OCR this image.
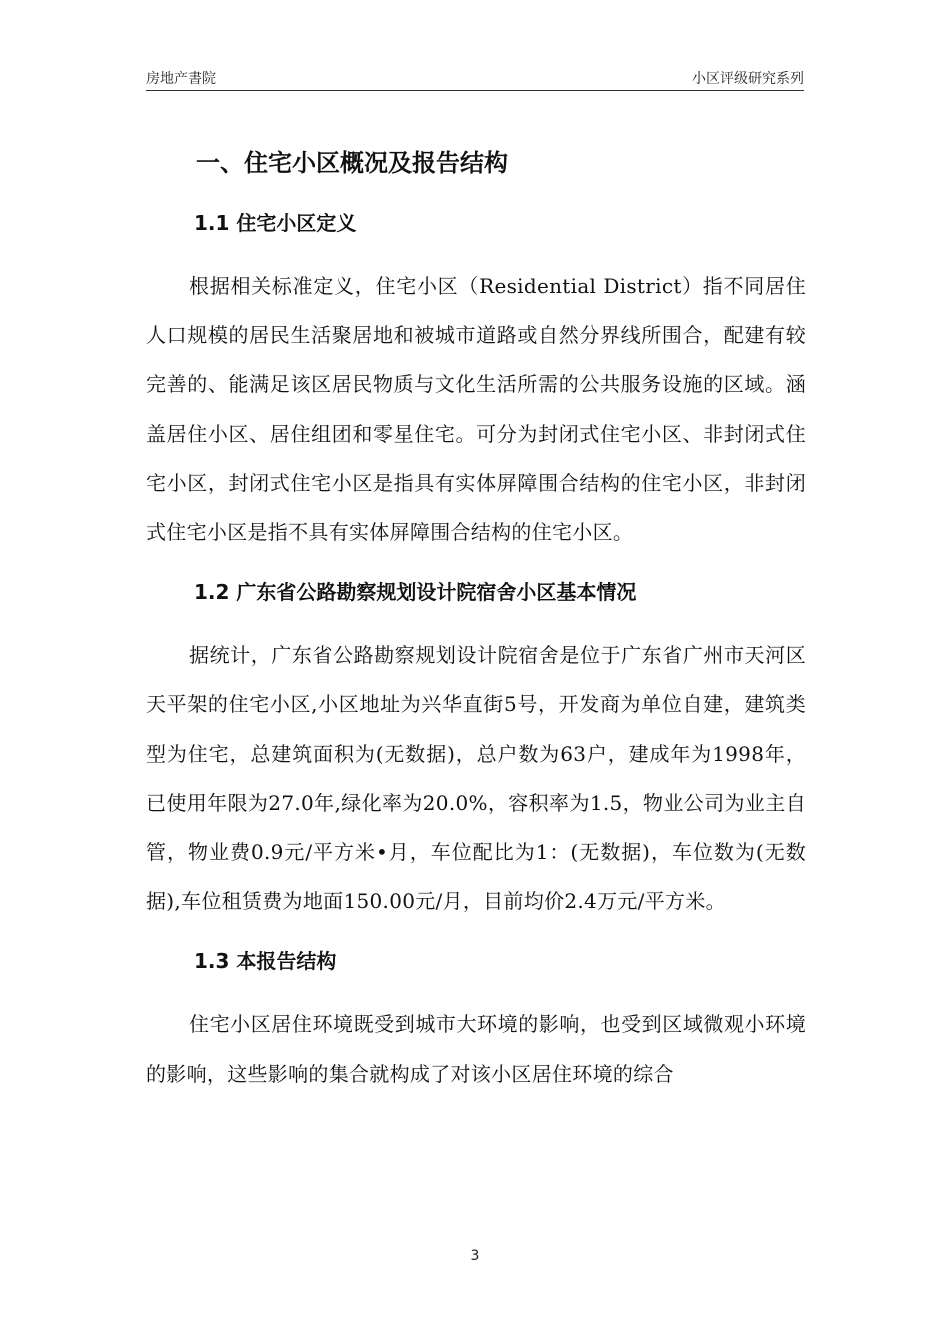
房地产書院	小区评级研究系列
一、住宅小区概况及报告结构
1.1 住宅小区定义

根据相关标准定义，住宅小区（Residential District）指不同居住人口规模的居民生活聚居地和被城市道路或自然分界线所围合，配建有较完善的、能满足该区居民物质与文化生活所需的公共服务设施的区域。涵盖居住小区、居住组团和零星住宅。可分为封闭式住宅小区、非封闭式住宅小区，封闭式住宅小区是指具有实体屏障围合结构的住宅小区，非封闭式住宅小区是指不具有实体屏障围合结构的住宅小区。

1.2 广东省公路勘察规划设计院宿舍小区基本情况

据统计，广东省公路勘察规划设计院宿舍是位于广东省广州市天河区天平架的住宅小区,小区地址为兴华直街5号，开发商为单位自建，建筑类型为住宅，总建筑面积为(无数据)，总户数为63户，建成年为1998年，已使用年限为27.0年,绿化率为20.0%，容积率为1.5，物业公司为业主自管，物业费0.9元/平方米•月，车位配比为1：(无数据)，车位数为(无数据),车位租赁费为地面150.00元/月，目前均价2.4万元/平方米。

1.3 本报告结构

住宅小区居住环境既受到城市大环境的影响，也受到区域微观小环境的影响，这些影响的集合就构成了对该小区居住环境的综合

3
